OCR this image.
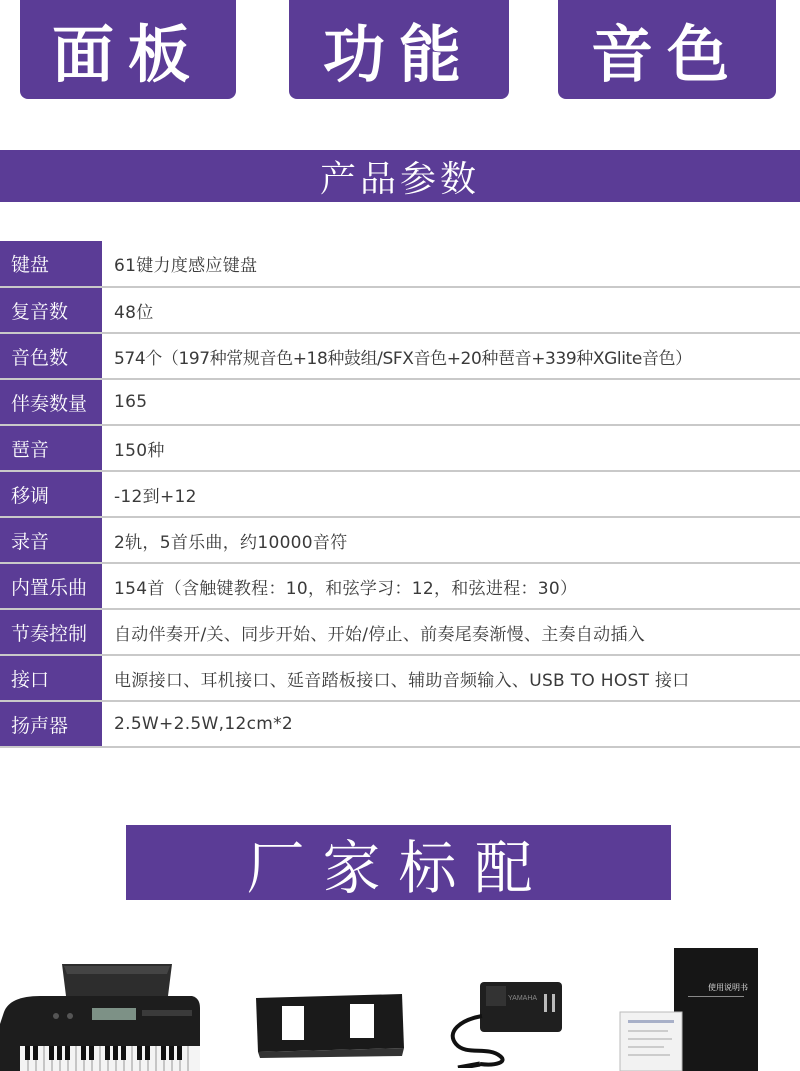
面板	功能	音色
产品参数
键盘	61键力度感应键盘
复音数	48位
音色数	574个（197种常规音色+18种鼓组/SFX音色+20种琶音+339种XGlite音色）
伴奏数量	165
琶音	150种
移调	-12到+12
录音	2轨，5首乐曲，约10000音符
内置乐曲	154首（含触键教程：10，和弦学习：12，和弦进程：30）
节奏控制	自动伴奏开/关、同步开始、开始/停止、前奏尾奏渐慢、主奏自动插入
接口	电源接口、耳机接口、延音踏板接口、辅助音频输入、USB TO HOST 接口
扬声器	2.5W+2.5W,12cm*2
厂家标配
YAMAHA
使用说明书
